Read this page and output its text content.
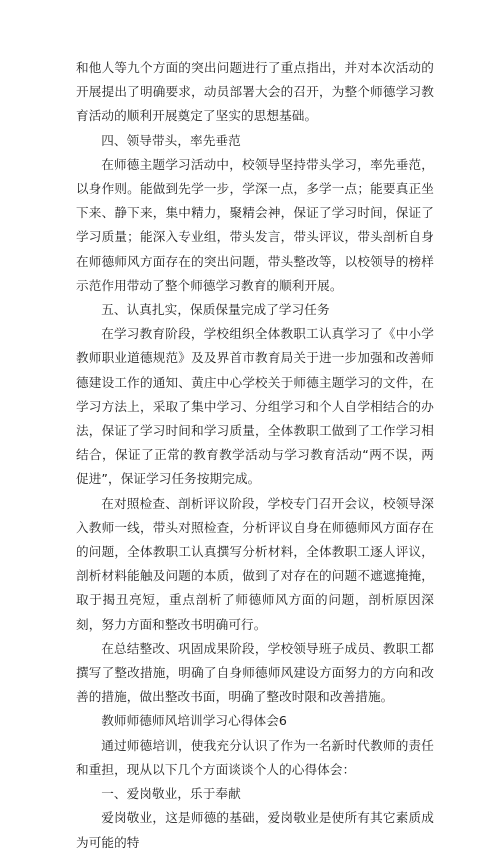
和他人等九个方面的突出问题进行了重点指出，并对本次活动的开展提出了明确要求，动员部署大会的召开，为整个师德学习教育活动的顺利开展奠定了坚实的思想基础。

四、领导带头，率先垂范

在师德主题学习活动中，校领导坚持带头学习，率先垂范，以身作则。能做到先学一步，学深一点，多学一点；能要真正坐下来、静下来，集中精力，聚精会神，保证了学习时间，保证了学习质量；能深入专业组，带头发言，带头评议，带头剖析自身在师德师风方面存在的突出问题，带头整改等，以校领导的榜样示范作用带动了整个师德学习教育的顺利开展。

五、认真扎实，保质保量完成了学习任务

在学习教育阶段，学校组织全体教职工认真学习了《中小学教师职业道德规范》及及界首市教育局关于进一步加强和改善师德建设工作的通知、黄庄中心学校关于师德主题学习的文件，在学习方法上，采取了集中学习、分组学习和个人自学相结合的办法，保证了学习时间和学习质量，全体教职工做到了工作学习相结合，保证了正常的教育教学活动与学习教育活动“两不误，两促进”，保证学习任务按期完成。

在对照检查、剖析评议阶段，学校专门召开会议，校领导深入教师一线，带头对照检查，分析评议自身在师德师风方面存在的问题，全体教职工认真撰写分析材料，全体教职工逐人评议，剖析材料能触及问题的本质，做到了对存在的问题不遮遮掩掩，取于揭丑亮短，重点剖析了师德师风方面的问题，剖析原因深刻，努力方面和整改书明确可行。

在总结整改、巩固成果阶段，学校领导班子成员、教职工都撰写了整改措施，明确了自身师德师风建设方面努力的方向和改善的措施，做出整改书面，明确了整改时限和改善措施。

教师师德师风培训学习心得体会6

通过师德培训，使我充分认识了作为一名新时代教师的责任和重担，现从以下几个方面谈谈个人的心得体会：

一、爱岗敬业，乐于奉献

爱岗敬业，这是师德的基础，爱岗敬业是使所有其它素质成为可能的特
